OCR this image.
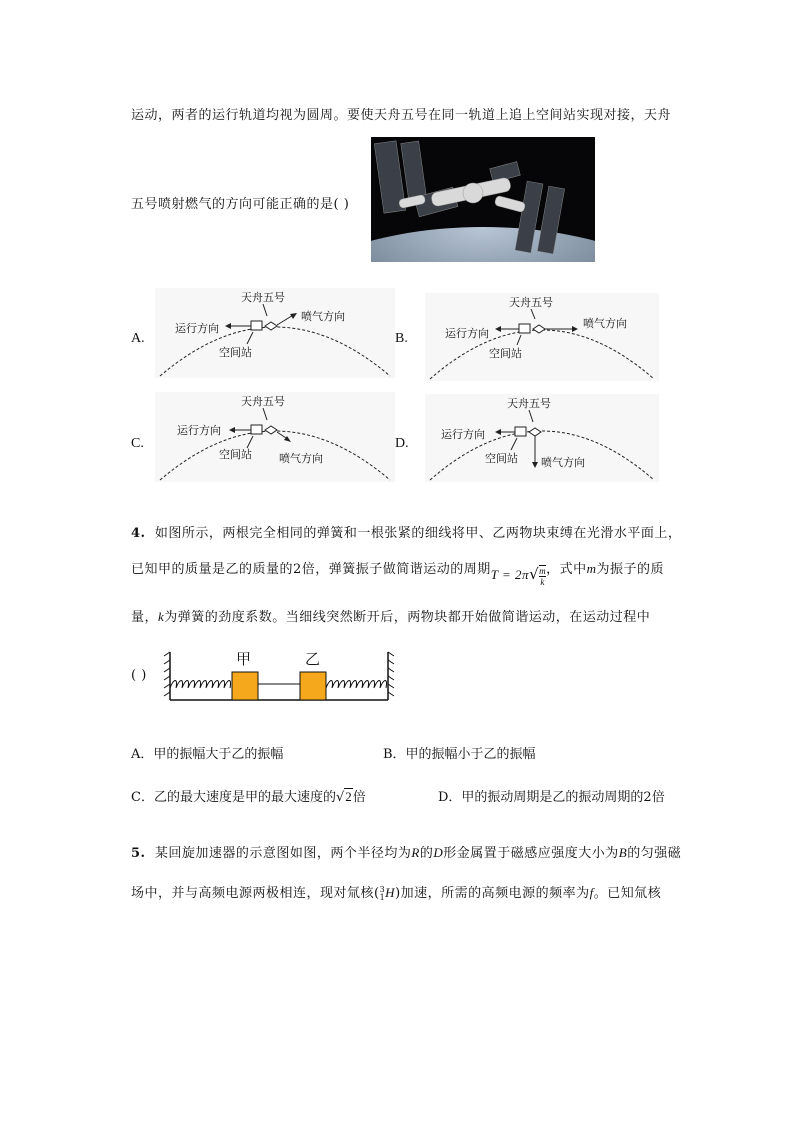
运动，两者的运行轨道均视为圆周。要使天舟五号在同一轨道上追上空间站实现对接，天舟
五号喷射燃气的方向可能正确的是( )
A.
天舟五号
喷气方向
运行方向
空间站
B.
天舟五号
喷气方向
运行方向
空间站
C.
天舟五号
喷气方向
运行方向
空间站
D.
天舟五号
喷气方向
运行方向
空间站
4. 如图所示，两根完全相同的弹簧和一根张紧的细线将甲、乙两物块束缚在光滑水平面上，
已知甲的质量是乙的质量的2倍，弹簧振子做简谐运动的周期$T = 2\pi√ \frac{m}{k}$ ，式中m为振子的质
量，k为弹簧的劲度系数。当细线突然断开后，两物块都开始做简谐运动，在运动过程中
( )
甲	乙
A．甲的振幅大于乙的振幅	B．甲的振幅小于乙的振幅
C．乙的最大速度是甲的最大速度的√2倍	D．甲的振动周期是乙的振动周期的2倍
5. 某回旋加速器的示意图如图，两个半径均为R的D形金属置于磁感应强度大小为B的匀强磁
场中，并与高频电源两极相连，现对氚核( 3
1 H)加速，所需的高频电源的频率为f。已知氚核
